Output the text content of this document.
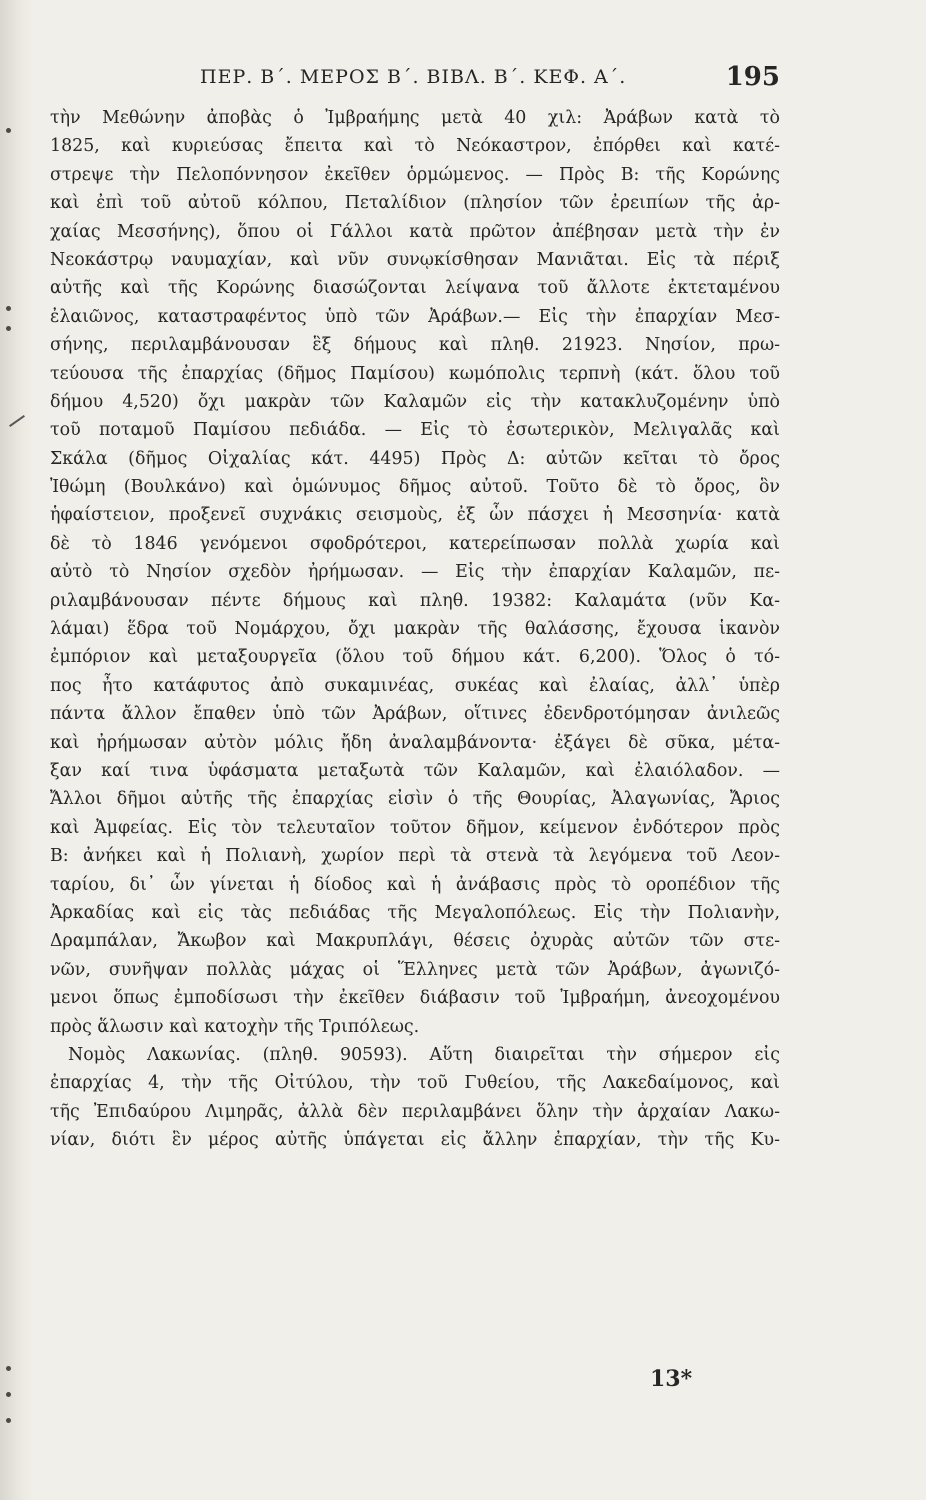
ΠΕΡ. Β΄. ΜΕΡΟΣ Β΄. ΒΙΒΛ. Β΄. ΚΕΦ. Α΄.	195
τὴν Μεθώνην ἀποβὰς ὁ Ἰμβραήμης μετὰ 40 χιλ: Ἀράβων κατὰ τὸ
1825, καὶ κυριεύσας ἔπειτα καὶ τὸ Νεόκαστρον, ἐπόρθει καὶ κατέ-
στρεψε τὴν Πελοπόννησον ἐκεῖθεν ὁρμώμενος. — Πρὸς Β: τῆς Κορώνης
καὶ ἐπὶ τοῦ αὐτοῦ κόλπου, Πεταλίδιον (πλησίον τῶν ἐρειπίων τῆς ἀρ-
χαίας Μεσσήνης), ὅπου οἱ Γάλλοι κατὰ πρῶτον ἀπέβησαν μετὰ τὴν ἐν
Νεοκάστρῳ ναυμαχίαν, καὶ νῦν συνῳκίσθησαν Μανιᾶται. Εἰς τὰ πέριξ
αὐτῆς καὶ τῆς Κορώνης διασώζονται λείψανα τοῦ ἄλλοτε ἐκτεταμένου
ἐλαιῶνος, καταστραφέντος ὑπὸ τῶν Ἀράβων.— Εἰς τὴν ἐπαρχίαν Μεσ-
σήνης, περιλαμβάνουσαν ἓξ δήμους καὶ πληθ. 21923. Νησίον, πρω-
τεύουσα τῆς ἐπαρχίας (δῆμος Παμίσου) κωμόπολις τερπνὴ (κάτ. ὅλου τοῦ
δήμου 4,520) ὄχι μακρὰν τῶν Καλαμῶν εἰς τὴν κατακλυζομένην ὑπὸ
τοῦ ποταμοῦ Παμίσου πεδιάδα. — Εἰς τὸ ἐσωτερικὸν, Μελιγαλᾶς καὶ
Σκάλα (δῆμος Οἰχαλίας κάτ. 4495) Πρὸς Δ: αὐτῶν κεῖται τὸ ὄρος
Ἰθώμη (Βουλκάνο) καὶ ὁμώνυμος δῆμος αὐτοῦ. Τοῦτο δὲ τὸ ὄρος, ὃν
ἡφαίστειον, προξενεῖ συχνάκις σεισμοὺς, ἐξ ὧν πάσχει ἡ Μεσσηνία· κατὰ
δὲ τὸ 1846 γενόμενοι σφοδρότεροι, κατερείπωσαν πολλὰ χωρία καὶ
αὐτὸ τὸ Νησίον σχεδὸν ἠρήμωσαν. — Εἰς τὴν ἐπαρχίαν Καλαμῶν, πε-
ριλαμβάνουσαν πέντε δήμους καὶ πληθ. 19382: Καλαμάτα (νῦν Κα-
λάμαι) ἕδρα τοῦ Νομάρχου, ὄχι μακρὰν τῆς θαλάσσης, ἔχουσα ἱκανὸν
ἐμπόριον καὶ μεταξουργεῖα (ὅλου τοῦ δήμου κάτ. 6,200). Ὅλος ὁ τό-
πος ἦτο κατάφυτος ἀπὸ συκαμινέας, συκέας καὶ ἐλαίας, ἀλλ᾽ ὑπὲρ
πάντα ἄλλον ἔπαθεν ὑπὸ τῶν Ἀράβων, οἵτινες ἐδενδροτόμησαν ἀνιλεῶς
καὶ ἠρήμωσαν αὐτὸν μόλις ἤδη ἀναλαμβάνοντα· ἐξάγει δὲ σῦκα, μέτα-
ξαν καί τινα ὑφάσματα μεταξωτὰ τῶν Καλαμῶν, καὶ ἐλαιόλαδον. —
Ἄλλοι δῆμοι αὐτῆς τῆς ἐπαρχίας εἰσὶν ὁ τῆς Θουρίας, Ἀλαγωνίας, Ἄριος
καὶ Ἀμφείας. Εἰς τὸν τελευταῖον τοῦτον δῆμον, κείμενον ἐνδότερον πρὸς
Β: ἀνήκει καὶ ἡ Πολιανὴ, χωρίον περὶ τὰ στενὰ τὰ λεγόμενα τοῦ Λεον-
ταρίου, δι᾽ ὧν γίνεται ἡ δίοδος καὶ ἡ ἀνάβασις πρὸς τὸ οροπέδιον τῆς
Ἀρκαδίας καὶ εἰς τὰς πεδιάδας τῆς Μεγαλοπόλεως. Εἰς τὴν Πολιανὴν,
Δραμπάλαν, Ἄκωβον καὶ Μακρυπλάγι, θέσεις ὀχυρὰς αὐτῶν τῶν στε-
νῶν, συνῆψαν πολλὰς μάχας οἱ Ἕλληνες μετὰ τῶν Ἀράβων, ἀγωνιζό-
μενοι ὅπως ἐμποδίσωσι τὴν ἐκεῖθεν διάβασιν τοῦ Ἰμβραήμη, ἀνεοχομένου
πρὸς ἅλωσιν καὶ κατοχὴν τῆς Τριπόλεως.
Νομὸς Λακωνίας. (πληθ. 90593). Αὕτη διαιρεῖται τὴν σήμερον εἰς
ἐπαρχίας 4, τὴν τῆς Οἰτύλου, τὴν τοῦ Γυθείου, τῆς Λακεδαίμονος, καὶ
τῆς Ἐπιδαύρου Λιμηρᾶς, ἀλλὰ δὲν περιλαμβάνει ὅλην τὴν ἀρχαίαν Λακω-
νίαν, διότι ἓν μέρος αὐτῆς ὑπάγεται εἰς ἄλλην ἐπαρχίαν, τὴν τῆς Κυ-
13*
